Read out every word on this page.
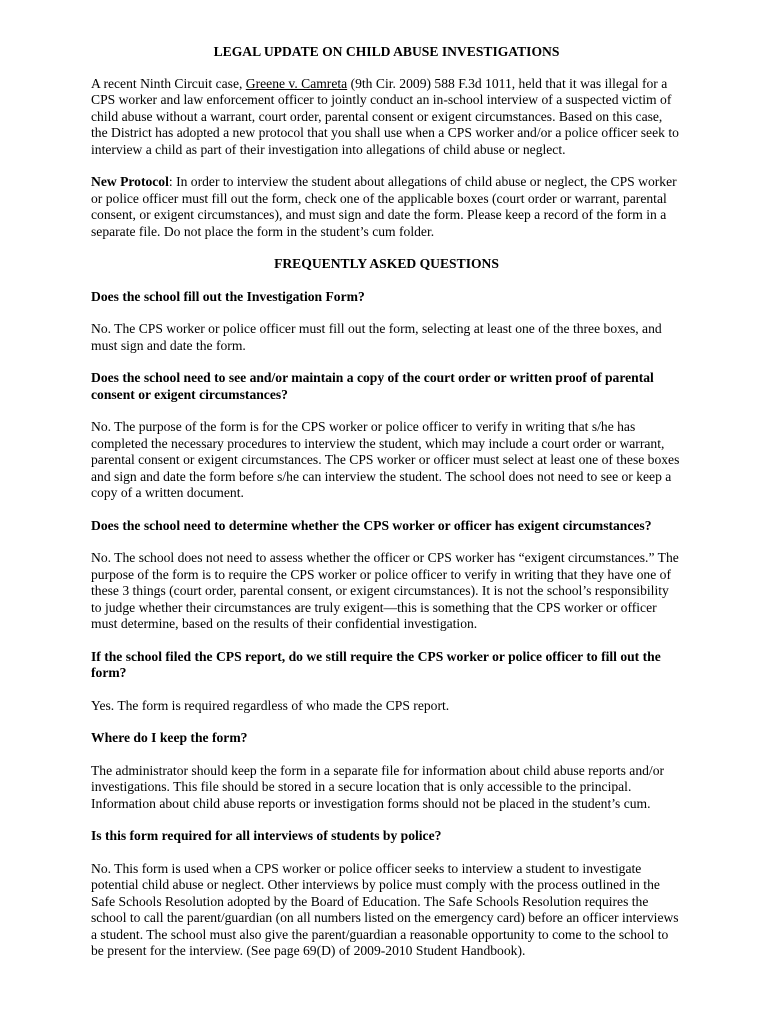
LEGAL UPDATE ON CHILD ABUSE INVESTIGATIONS

A recent Ninth Circuit case, Greene v. Camreta (9th Cir. 2009) 588 F.3d 1011, held that it was illegal for a CPS worker and law enforcement officer to jointly conduct an in-school interview of a suspected victim of child abuse without a warrant, court order, parental consent or exigent circumstances. Based on this case, the District has adopted a new protocol that you shall use when a CPS worker and/or a police officer seek to interview a child as part of their investigation into allegations of child abuse or neglect.

New Protocol: In order to interview the student about allegations of child abuse or neglect, the CPS worker or police officer must fill out the form, check one of the applicable boxes (court order or warrant, parental consent, or exigent circumstances), and must sign and date the form. Please keep a record of the form in a separate file. Do not place the form in the student’s cum folder.

FREQUENTLY ASKED QUESTIONS

Does the school fill out the Investigation Form?

No. The CPS worker or police officer must fill out the form, selecting at least one of the three boxes, and must sign and date the form.

Does the school need to see and/or maintain a copy of the court order or written proof of parental consent or exigent circumstances?

No. The purpose of the form is for the CPS worker or police officer to verify in writing that s/he has completed the necessary procedures to interview the student, which may include a court order or warrant, parental consent or exigent circumstances. The CPS worker or officer must select at least one of these boxes and sign and date the form before s/he can interview the student. The school does not need to see or keep a copy of a written document.

Does the school need to determine whether the CPS worker or officer has exigent circumstances?

No. The school does not need to assess whether the officer or CPS worker has “exigent circumstances.” The purpose of the form is to require the CPS worker or police officer to verify in writing that they have one of these 3 things (court order, parental consent, or exigent circumstances). It is not the school’s responsibility to judge whether their circumstances are truly exigent—this is something that the CPS worker or officer must determine, based on the results of their confidential investigation.

If the school filed the CPS report, do we still require the CPS worker or police officer to fill out the form?

Yes. The form is required regardless of who made the CPS report.

Where do I keep the form?

The administrator should keep the form in a separate file for information about child abuse reports and/or investigations. This file should be stored in a secure location that is only accessible to the principal. Information about child abuse reports or investigation forms should not be placed in the student’s cum.

Is this form required for all interviews of students by police?

No. This form is used when a CPS worker or police officer seeks to interview a student to investigate potential child abuse or neglect. Other interviews by police must comply with the process outlined in the Safe Schools Resolution adopted by the Board of Education. The Safe Schools Resolution requires the school to call the parent/guardian (on all numbers listed on the emergency card) before an officer interviews a student. The school must also give the parent/guardian a reasonable opportunity to come to the school to be present for the interview. (See page 69(D) of 2009-2010 Student Handbook).
